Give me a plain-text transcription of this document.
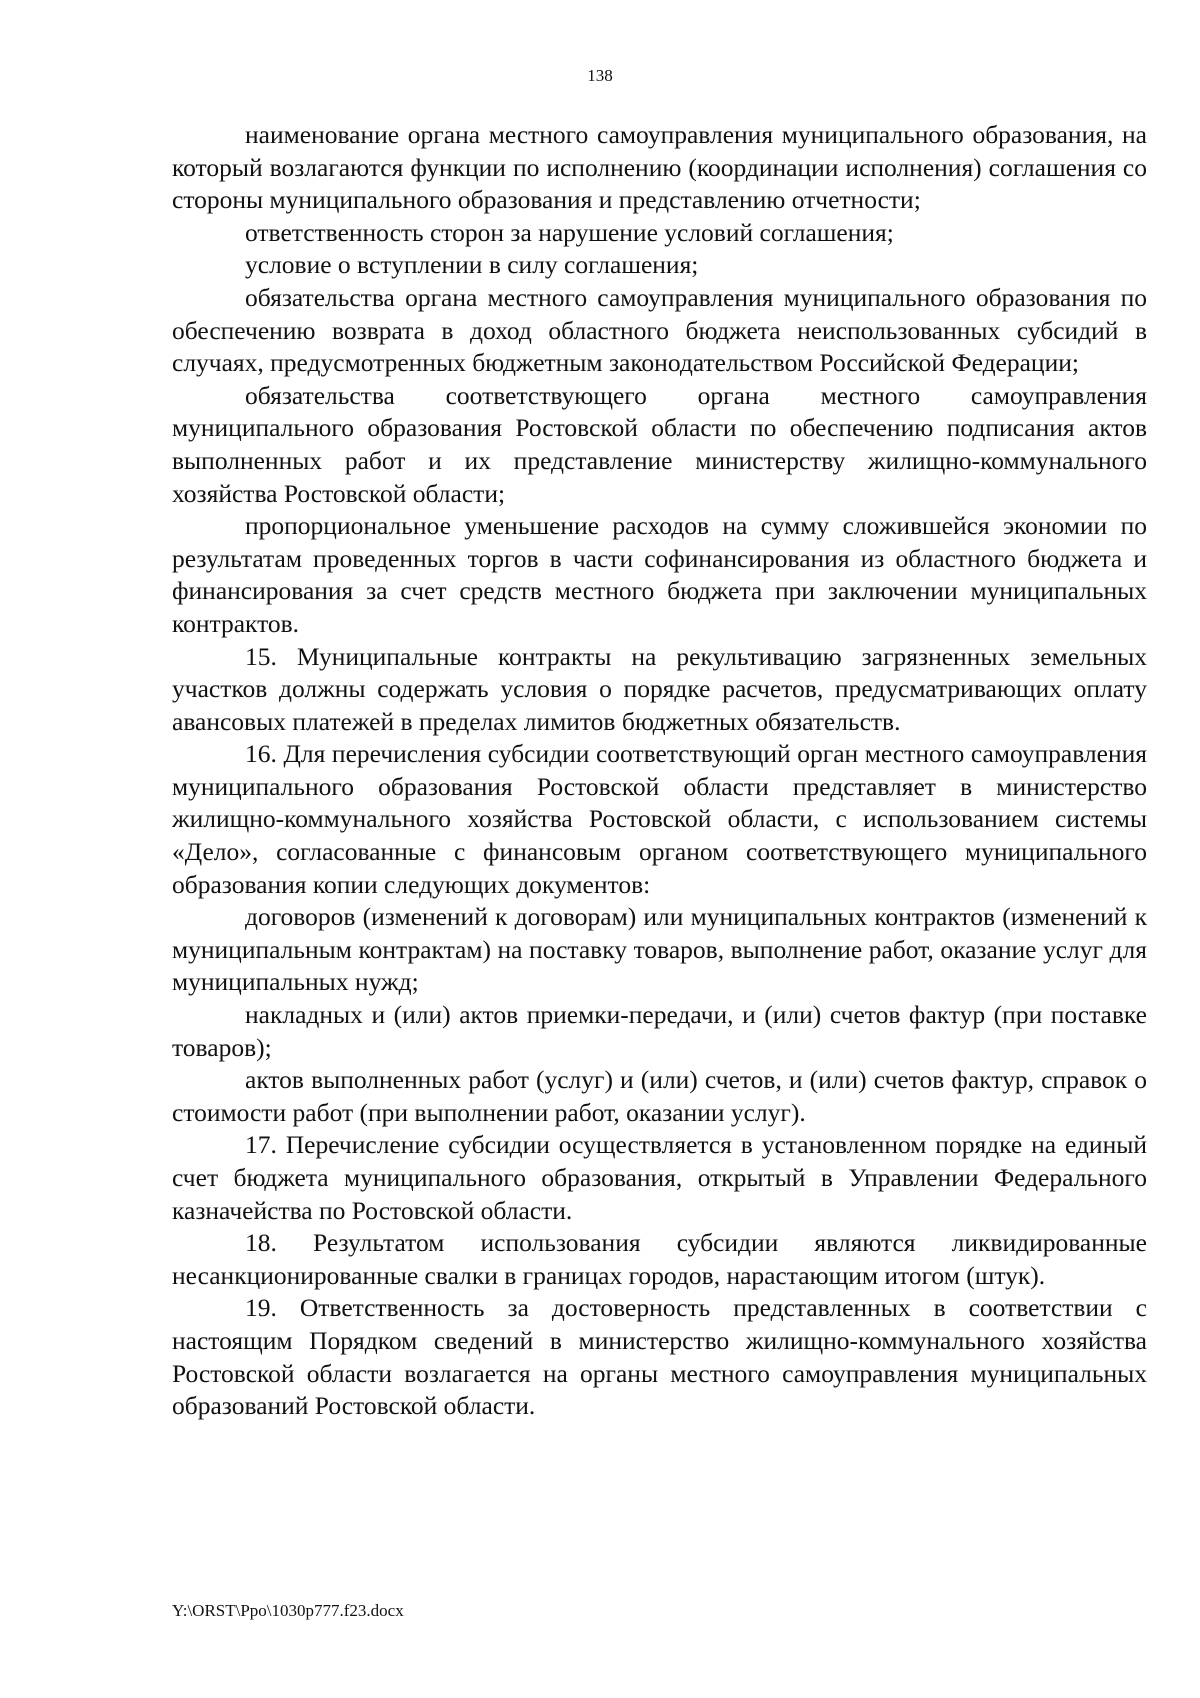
138

наименование органа местного самоуправления муниципального образования, на который возлагаются функции по исполнению (координации исполнения) соглашения со стороны муниципального образования и представлению отчетности;

ответственность сторон за нарушение условий соглашения;

условие о вступлении в силу соглашения;

обязательства органа местного самоуправления муниципального образования по обеспечению возврата в доход областного бюджета неиспользованных субсидий в случаях, предусмотренных бюджетным законодательством Российской Федерации;

обязательства соответствующего органа местного самоуправления муниципального образования Ростовской области по обеспечению подписания актов выполненных работ и их представление министерству жилищно-коммунального хозяйства Ростовской области;

пропорциональное уменьшение расходов на сумму сложившейся экономии по результатам проведенных торгов в части софинансирования из областного бюджета и финансирования за счет средств местного бюджета при заключении муниципальных контрактов.

15. Муниципальные контракты на рекультивацию загрязненных земельных участков должны содержать условия о порядке расчетов, предусматривающих оплату авансовых платежей в пределах лимитов бюджетных обязательств.

16. Для перечисления субсидии соответствующий орган местного самоуправления муниципального образования Ростовской области представляет в министерство жилищно-коммунального хозяйства Ростовской области, с использованием системы «Дело», согласованные с финансовым органом соответствующего муниципального образования копии следующих документов:

договоров (изменений к договорам) или муниципальных контрактов (изменений к муниципальным контрактам) на поставку товаров, выполнение работ, оказание услуг для муниципальных нужд;

накладных и (или) актов приемки-передачи, и (или) счетов фактур (при поставке товаров);

актов выполненных работ (услуг) и (или) счетов, и (или) счетов фактур, справок о стоимости работ (при выполнении работ, оказании услуг).

17. Перечисление субсидии осуществляется в установленном порядке на единый счет бюджета муниципального образования, открытый в Управлении Федерального казначейства по Ростовской области.

18. Результатом использования субсидии являются ликвидированные несанкционированные свалки в границах городов, нарастающим итогом (штук).

19. Ответственность за достоверность представленных в соответствии с настоящим Порядком сведений в министерство жилищно-коммунального хозяйства Ростовской области возлагается на органы местного самоуправления муниципальных образований Ростовской области.

Y:\ORST\Ppo\1030p777.f23.docx
